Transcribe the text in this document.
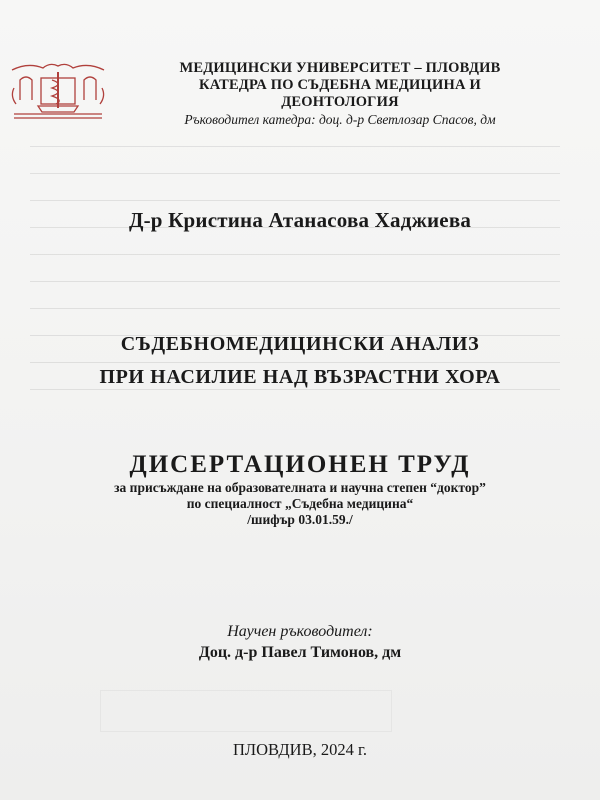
МЕДИЦИНСКИ УНИВЕРСИТЕТ – ПЛОВДИВ
КАТЕДРА ПО СЪДЕБНА МЕДИЦИНА И
ДЕОНТОЛОГИЯ
Ръководител катедра: доц. д-р Светлозар Спасов, дм
Д-р Кристина Атанасова Хаджиева
СЪДЕБНОМЕДИЦИНСКИ АНАЛИЗ
ПРИ НАСИЛИЕ НАД ВЪЗРАСТНИ ХОРА
ДИСЕРТАЦИОНЕН ТРУД
за присъждане на образователната и научна степен “доктор”
по специалност „Съдебна медицина“
/шифър 03.01.59./
Научен ръководител:
Доц. д-р Павел Тимонов, дм
ПЛОВДИВ, 2024 г.
